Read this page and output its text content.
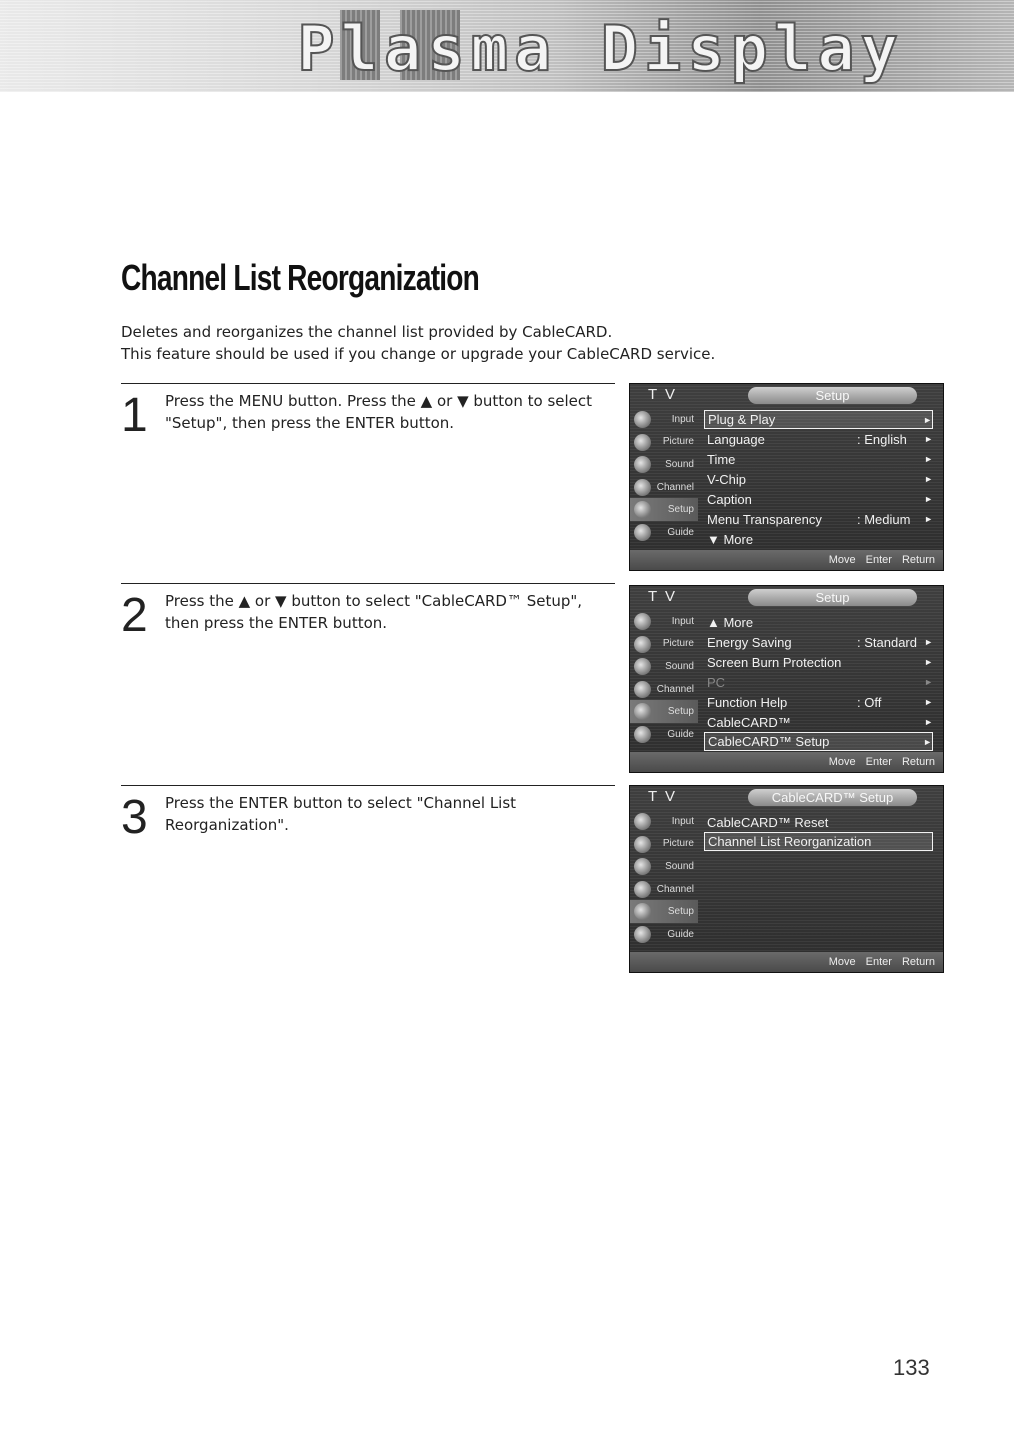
Plasma Display
Channel List Reorganization

Deletes and reorganizes the channel list provided by CableCARD.

This feature should be used if you change or upgrade your CableCARD service.

1 Press the MENU button. Press the ▲ or ▼ button to select "Setup", then press the ENTER button.
2 Press the ▲ or ▼ button to select "CableCARD™ Setup", then press the ENTER button.
3 Press the ENTER button to select "Channel List Reorganization".
T V	Setup
Input
Picture
Sound
Channel
Setup
Guide
Plug & Play	►
Language	: English	►
Time	►
V-Chip	►
Caption	►
Menu Transparency	: Medium	►
▼ More
Move Enter Return
T V	Setup
Input
Picture
Sound
Channel
Setup
Guide
▲ More
Energy Saving	: Standard ►
Screen Burn Protection	►
PC	►
Function Help	: Off	►
CableCARD™	►
CableCARD™ Setup	►
Move Enter Return
T V	CableCARD™ Setup
Input
Picture
Sound
Channel
Setup
Guide
CableCARD™ Reset
Channel List Reorganization
Move Enter Return
133
